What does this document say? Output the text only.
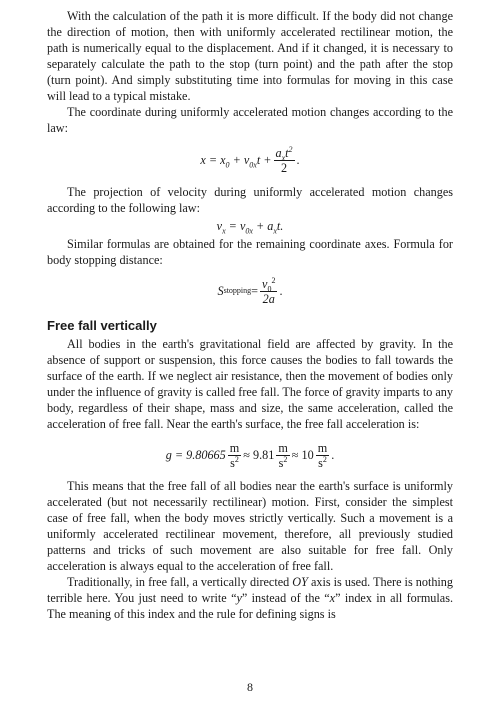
With the calculation of the path it is more difficult. If the body did not change the direction of motion, then with uniformly accelerated rectilinear motion, the path is numerically equal to the displacement. And if it changed, it is necessary to separately calculate the path to the stop (turn point) and the path after the stop (turn point). And simply substituting time into formulas for moving in this case will lead to a typical mistake.

The coordinate during uniformly accelerated motion changes according to the law:

$x = x_0 + v_{0x}t + \frac{a_xt^2}{2}$ .

The projection of velocity during uniformly accelerated motion changes according to the following law:

$v_x = v_{0x} + a_xt$.

Similar formulas are obtained for the remaining coordinate axes. Formula for body stopping distance:

S stopping = $\frac{v_0^2}{2a}$ .
Free fall vertically

All bodies in the earth's gravitational field are affected by gravity. In the absence of support or suspension, this force causes the bodies to fall towards the surface of the earth. If we neglect air resistance, then the movement of bodies only under the influence of gravity is called free fall. The force of gravity imparts to any body, regardless of their shape, mass and size, the same acceleration, called the acceleration of free fall. Near the earth's surface, the free fall acceleration is:

$g = 9.80665 \frac{m}{s^2} \approx 9.81 \frac{m}{s^2} \approx 10 \frac{m}{s^2}$ .

This means that the free fall of all bodies near the earth's surface is uniformly accelerated (but not necessarily rectilinear) motion. First, consider the simplest case of free fall, when the body moves strictly vertically. Such a movement is a uniformly accelerated rectilinear movement, therefore, all previously studied patterns and tricks of such movement are also suitable for free fall. Only acceleration is always equal to the acceleration of free fall.

Traditionally, in free fall, a vertically directed OY axis is used. There is nothing terrible here. You just need to write “y” instead of the “x” index in all formulas. The meaning of this index and the rule for defining signs is

8
